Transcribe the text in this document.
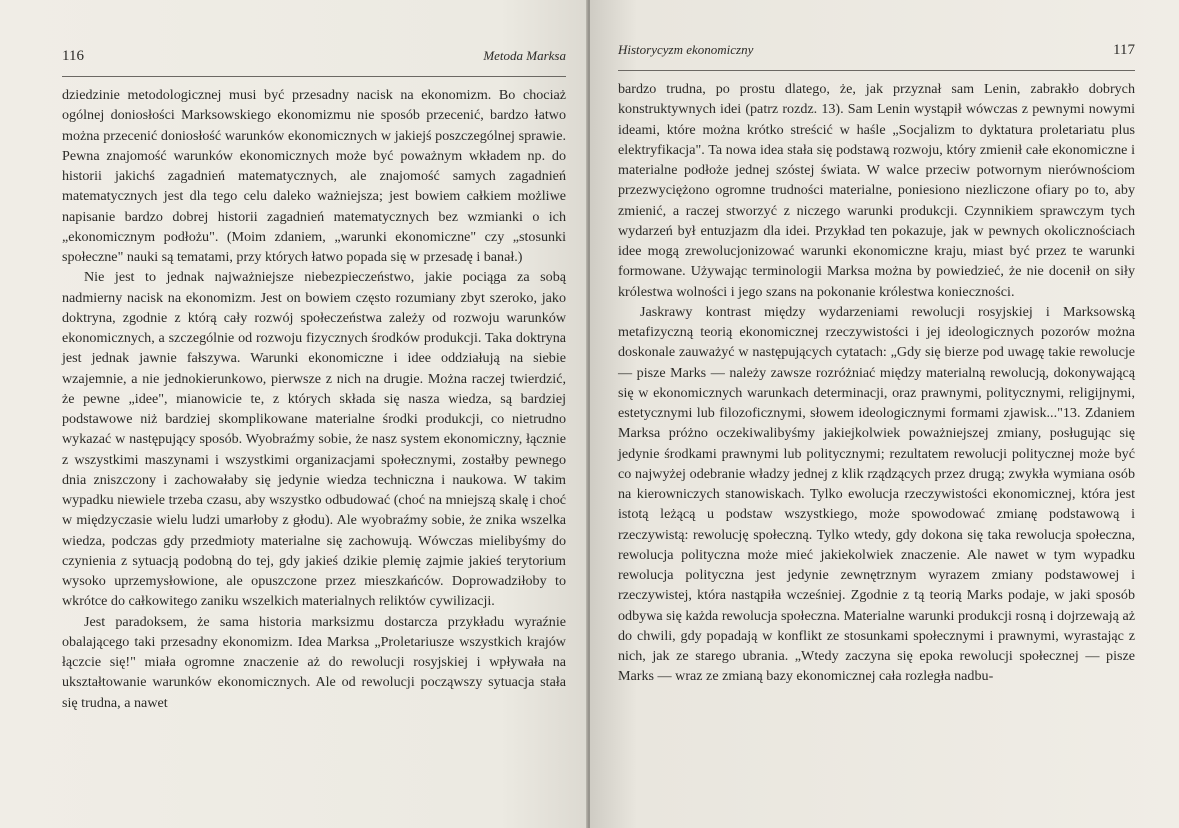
116	Metoda Marksa

dziedzinie metodologicznej musi być przesadny nacisk na ekonomizm. Bo chociaż ogólnej doniosłości Marksowskiego ekonomizmu nie sposób przecenić, bardzo łatwo można przecenić doniosłość warunków ekonomicznych w jakiejś poszczególnej sprawie. Pewna znajomość warunków ekonomicznych może być poważnym wkładem np. do historii jakichś zagadnień matematycznych, ale znajomość samych zagadnień matematycznych jest dla tego celu daleko ważniejsza; jest bowiem całkiem możliwe napisanie bardzo dobrej historii zagadnień matematycznych bez wzmianki o ich „ekonomicznym podłożu". (Moim zdaniem, „warunki ekonomiczne" czy „stosunki społeczne" nauki są tematami, przy których łatwo popada się w przesadę i banał.)

Nie jest to jednak najważniejsze niebezpieczeństwo, jakie pociąga za sobą nadmierny nacisk na ekonomizm. Jest on bowiem często rozumiany zbyt szeroko, jako doktryna, zgodnie z którą cały rozwój społeczeństwa zależy od rozwoju warunków ekonomicznych, a szczególnie od rozwoju fizycznych środków produkcji. Taka doktryna jest jednak jawnie fałszywa. Warunki ekonomiczne i idee oddziałują na siebie wzajemnie, a nie jednokierunkowo, pierwsze z nich na drugie. Można raczej twierdzić, że pewne „idee", mianowicie te, z których składa się nasza wiedza, są bardziej podstawowe niż bardziej skomplikowane materialne środki produkcji, co nietrudno wykazać w następujący sposób. Wyobraźmy sobie, że nasz system ekonomiczny, łącznie z wszystkimi maszynami i wszystkimi organizacjami społecznymi, zostałby pewnego dnia zniszczony i zachowałaby się jedynie wiedza techniczna i naukowa. W takim wypadku niewiele trzeba czasu, aby wszystko odbudować (choć na mniejszą skalę i choć w międzyczasie wielu ludzi umarłoby z głodu). Ale wyobraźmy sobie, że znika wszelka wiedza, podczas gdy przedmioty materialne się zachowują. Wówczas mielibyśmy do czynienia z sytuacją podobną do tej, gdy jakieś dzikie plemię zajmie jakieś terytorium wysoko uprzemysłowione, ale opuszczone przez mieszkańców. Doprowadziłoby to wkrótce do całkowitego zaniku wszelkich materialnych reliktów cywilizacji.

Jest paradoksem, że sama historia marksizmu dostarcza przykładu wyraźnie obalającego taki przesadny ekonomizm. Idea Marksa „Proletariusze wszystkich krajów łączcie się!" miała ogromne znaczenie aż do rewolucji rosyjskiej i wpływała na ukształtowanie warunków ekonomicznych. Ale od rewolucji począwszy sytuacja stała się trudna, a nawet

Historycyzm ekonomiczny	117

bardzo trudna, po prostu dlatego, że, jak przyznał sam Lenin, zabrakło dobrych konstruktywnych idei (patrz rozdz. 13). Sam Lenin wystąpił wówczas z pewnymi nowymi ideami, które można krótko streścić w haśle „Socjalizm to dyktatura proletariatu plus elektryfikacja". Ta nowa idea stała się podstawą rozwoju, który zmienił całe ekonomiczne i materialne podłoże jednej szóstej świata. W walce przeciw potwornym nierównościom przezwyciężono ogromne trudności materialne, poniesiono niezliczone ofiary po to, aby zmienić, a raczej stworzyć z niczego warunki produkcji. Czynnikiem sprawczym tych wydarzeń był entuzjazm dla idei. Przykład ten pokazuje, jak w pewnych okolicznościach idee mogą zrewolucjonizować warunki ekonomiczne kraju, miast być przez te warunki formowane. Używając terminologii Marksa można by powiedzieć, że nie docenił on siły królestwa wolności i jego szans na pokonanie królestwa konieczności.

Jaskrawy kontrast między wydarzeniami rewolucji rosyjskiej i Marksowską metafizyczną teorią ekonomicznej rzeczywistości i jej ideologicznych pozorów można doskonale zauważyć w następujących cytatach: „Gdy się bierze pod uwagę takie rewolucje — pisze Marks — należy zawsze rozróżniać między materialną rewolucją, dokonywającą się w ekonomicznych warunkach determinacji, oraz prawnymi, politycznymi, religijnymi, estetycznymi lub filozoficznymi, słowem ideologicznymi formami zjawisk..."13. Zdaniem Marksa próżno oczekiwalibyśmy jakiejkolwiek poważniejszej zmiany, posługując się jedynie środkami prawnymi lub politycznymi; rezultatem rewolucji politycznej może być co najwyżej odebranie władzy jednej z klik rządzących przez drugą; zwykła wymiana osób na kierowniczych stanowiskach. Tylko ewolucja rzeczywistości ekonomicznej, która jest istotą leżącą u podstaw wszystkiego, może spowodować zmianę podstawową i rzeczywistą: rewolucję społeczną. Tylko wtedy, gdy dokona się taka rewolucja społeczna, rewolucja polityczna może mieć jakiekolwiek znaczenie. Ale nawet w tym wypadku rewolucja polityczna jest jedynie zewnętrznym wyrazem zmiany podstawowej i rzeczywistej, która nastąpiła wcześniej. Zgodnie z tą teorią Marks podaje, w jaki sposób odbywa się każda rewolucja społeczna. Materialne warunki produkcji rosną i dojrzewają aż do chwili, gdy popadają w konflikt ze stosunkami społecznymi i prawnymi, wyrastając z nich, jak ze starego ubrania. „Wtedy zaczyna się epoka rewolucji społecznej — pisze Marks — wraz ze zmianą bazy ekonomicznej cała rozległa nadbu-
